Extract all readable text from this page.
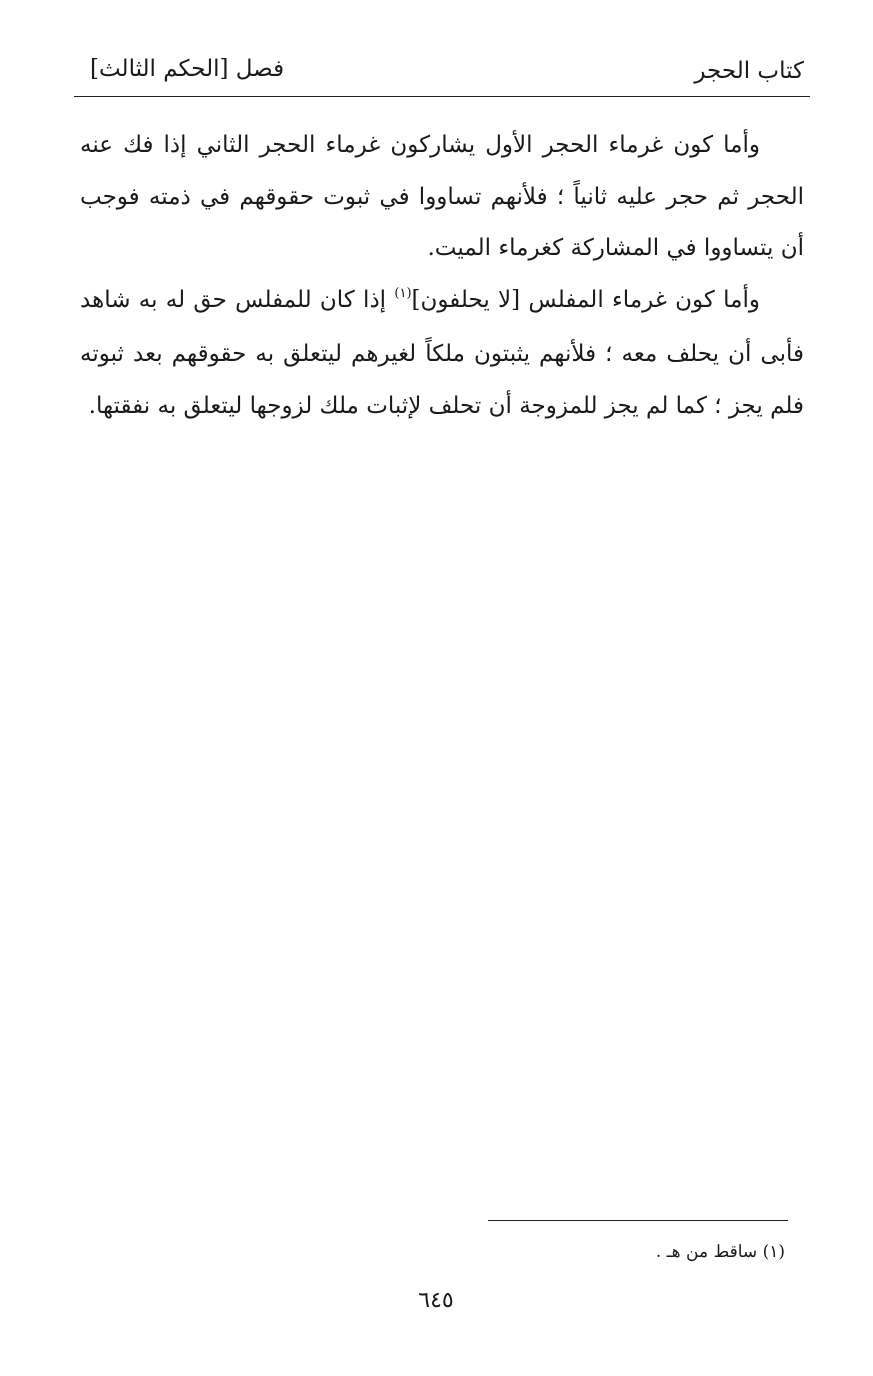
كتاب الحجر
فصل [الحكم الثالث]

وأما كون غرماء الحجر الأول يشاركون غرماء الحجر الثاني إذا فك عنه الحجر ثم حجر عليه ثانياً ؛ فلأنهم تساووا في ثبوت حقوقهم في ذمته فوجب أن يتساووا في المشاركة كغرماء الميت.

وأما كون غرماء المفلس [لا يحلفون]$^{(١)}$ إذا كان للمفلس حق له به شاهد فأبى أن يحلف معه ؛ فلأنهم يثبتون ملكاً لغيرهم ليتعلق به حقوقهم بعد ثبوته فلم يجز ؛ كما لم يجز للمزوجة أن تحلف لإثبات ملك لزوجها ليتعلق به نفقتها.

(١) ساقط من هـ .
٦٤٥
